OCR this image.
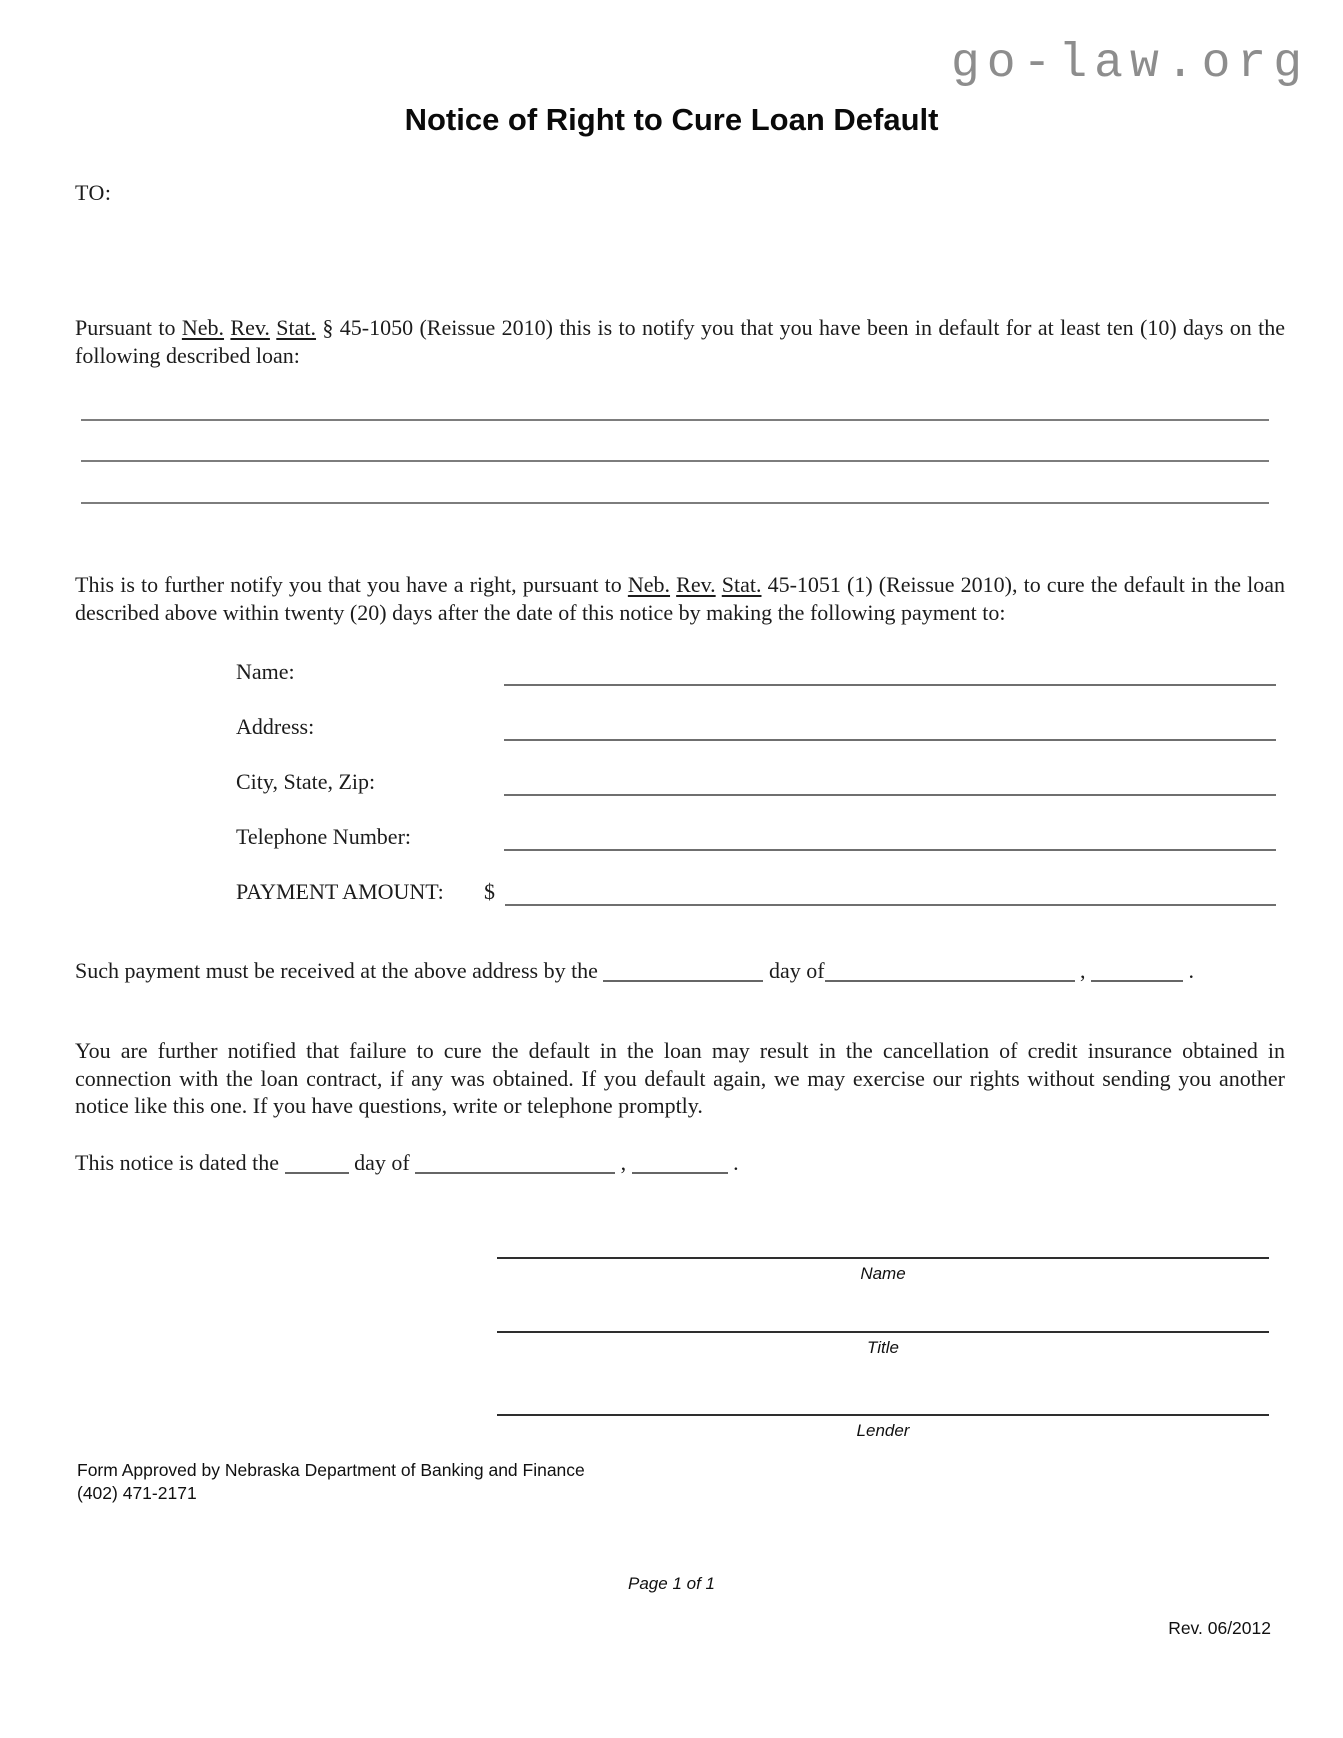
go-law.org
Notice of Right to Cure Loan Default
TO:

Pursuant to Neb. Rev. Stat. § 45-1050 (Reissue 2010) this is to notify you that you have been in default for at least ten (10) days on the following described loan:

This is to further notify you that you have a right, pursuant to Neb. Rev. Stat. 45-1051 (1) (Reissue 2010), to cure the default in the loan described above within twenty (20) days after the date of this notice by making the following payment to:

Name:
Address:
City, State, Zip:
Telephone Number:
PAYMENT AMOUNT:	$
Such payment must be received at the above address by the	day of	,	.

You are further notified that failure to cure the default in the loan may result in the cancellation of credit insurance obtained in connection with the loan contract, if any was obtained. If you default again, we may exercise our rights without sending you another notice like this one. If you have questions, write or telephone promptly.

This notice is dated the	day of	,	.
Name
Title
Lender
Form Approved by Nebraska Department of Banking and Finance
(402) 471-2171
Page 1 of 1
Rev. 06/2012
